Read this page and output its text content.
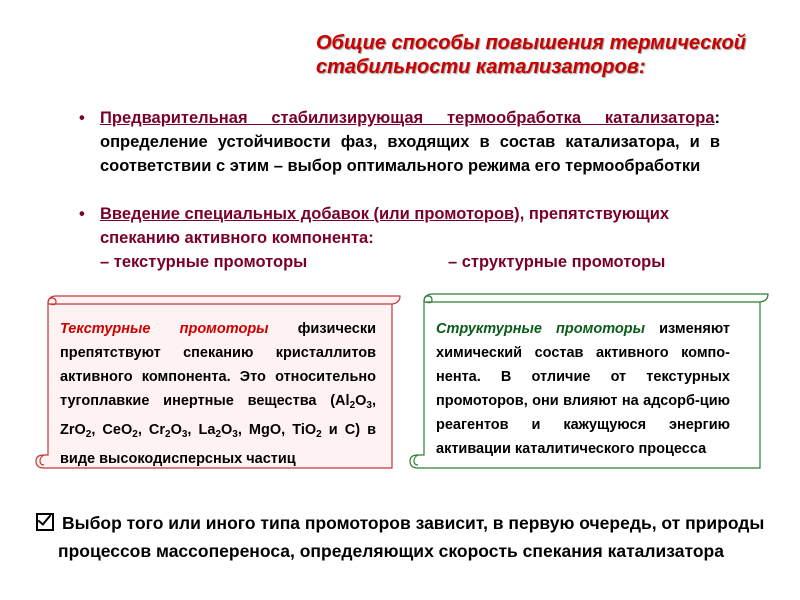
Общие способы повышения термической
стабильности катализаторов:
• Предварительная стабилизирующая термообработка катализатора: определение устойчивости фаз, входящих в состав катализатора, и в соответствии с этим – выбор оптимального режима его термообработки
• Введение специальных добавок (или промоторов), препятствующих
спеканию активного компонента:
– текстурные промоторы	– структурные промоторы
Текстурные промоторы физически препятствуют спеканию кристаллитов активного компонента. Это относительно тугоплавкие инертные вещества ($Al_2O_3$, ZrO$_2$, CeO$_2$, $Cr_2O_3$, $La_2O_3$, MgO, TiO$_2$ и C) в виде высокодисперсных частиц
Структурные промоторы изменяют химический состав активного компо-нента. В отличие от текстурных промоторов, они влияют на адсорб-цию реагентов и кажущуюся энергию активации каталитического процесса
Выбор того или иного типа промоторов зависит, в первую очередь, от природы
процессов массопереноса, определяющих скорость спекания катализатора
